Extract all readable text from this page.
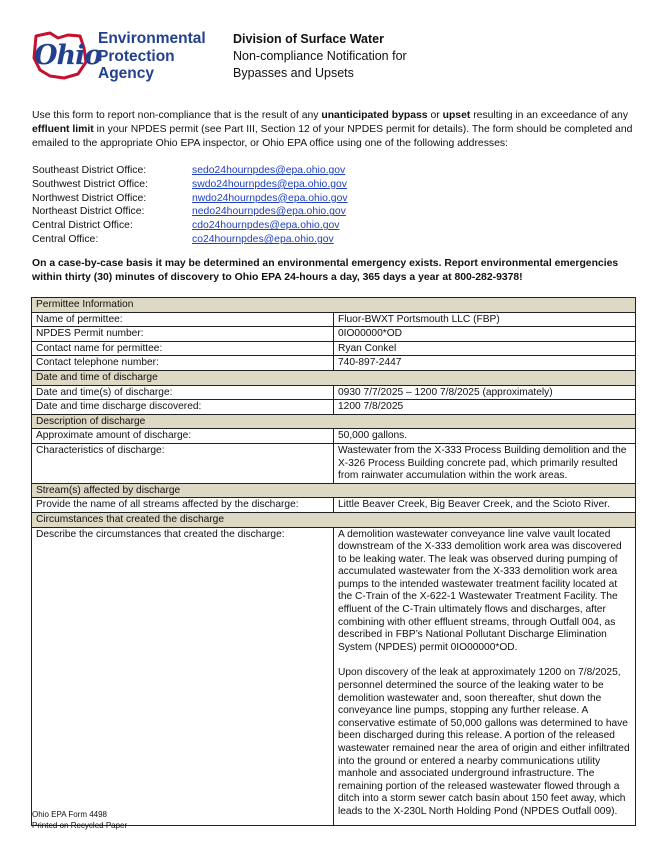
Ohio
Environmental
Protection
Agency
Division of Surface Water
Non-compliance Notification for
Bypasses and Upsets
Use this form to report non-compliance that is the result of any unanticipated bypass or upset resulting in an exceedance of any effluent limit in your NPDES permit (see Part III, Section 12 of your NPDES permit for details). The form should be completed and emailed to the appropriate Ohio EPA inspector, or Ohio EPA office using one of the following addresses:
Southeast District Office:	sedo24hournpdes@epa.ohio.gov
Southwest District Office:	swdo24hournpdes@epa.ohio.gov
Northwest District Office:	nwdo24hournpdes@epa.ohio.gov
Northeast District Office:	nedo24hournpdes@epa.ohio.gov
Central District Office:	cdo24hournpdes@epa.ohio.gov
Central Office:	co24hournpdes@epa.ohio.gov
On a case-by-case basis it may be determined an environmental emergency exists. Report environmental emergencies within thirty (30) minutes of discovery to Ohio EPA 24-hours a day, 365 days a year at 800-282-9378!
Permittee Information	
Name of permittee:	Fluor-BWXT Portsmouth LLC (FBP)
NPDES Permit number:	0IO00000*OD
Contact name for permittee:	Ryan Conkel
Contact telephone number:	740-897-2447
Date and time of discharge	
Date and time(s) of discharge:	0930 7/7/2025 – 1200 7/8/2025 (approximately)
Date and time discharge discovered:	1200 7/8/2025
Description of discharge	
Approximate amount of discharge:	50,000 gallons.
Characteristics of discharge:	Wastewater from the X-333 Process Building demolition and the X-326 Process Building concrete pad, which primarily resulted from rainwater accumulation within the work areas.
Stream(s) affected by discharge	
Provide the name of all streams affected by the discharge:	Little Beaver Creek, Big Beaver Creek, and the Scioto River.
Circumstances that created the discharge	
Describe the circumstances that created the discharge:	A demolition wastewater conveyance line valve vault located downstream of the X-333 demolition work area was discovered to be leaking water. The leak was observed during pumping of accumulated wastewater from the X-333 demolition work area pumps to the intended wastewater treatment facility located at the C-Train of the X-622-1 Wastewater Treatment Facility. The effluent of the C-Train ultimately flows and discharges, after combining with other effluent streams, through Outfall 004, as described in FBP’s National Pollutant Discharge Elimination System (NPDES) permit 0IO00000*OD.

Upon discovery of the leak at approximately 1200 on 7/8/2025, personnel determined the source of the leaking water to be demolition wastewater and, soon thereafter, shut down the conveyance line pumps, stopping any further release. A conservative estimate of 50,000 gallons was determined to have been discharged during this release. A portion of the released wastewater remained near the area of origin and either infiltrated into the ground or entered a nearby communications utility manhole and associated underground infrastructure. The remaining portion of the released wastewater flowed through a ditch into a storm sewer catch basin about 150 feet away, which leads to the X-230L North Holding Pond (NPDES Outfall 009).

Ohio EPA Form 4498
Printed on Recycled Paper
